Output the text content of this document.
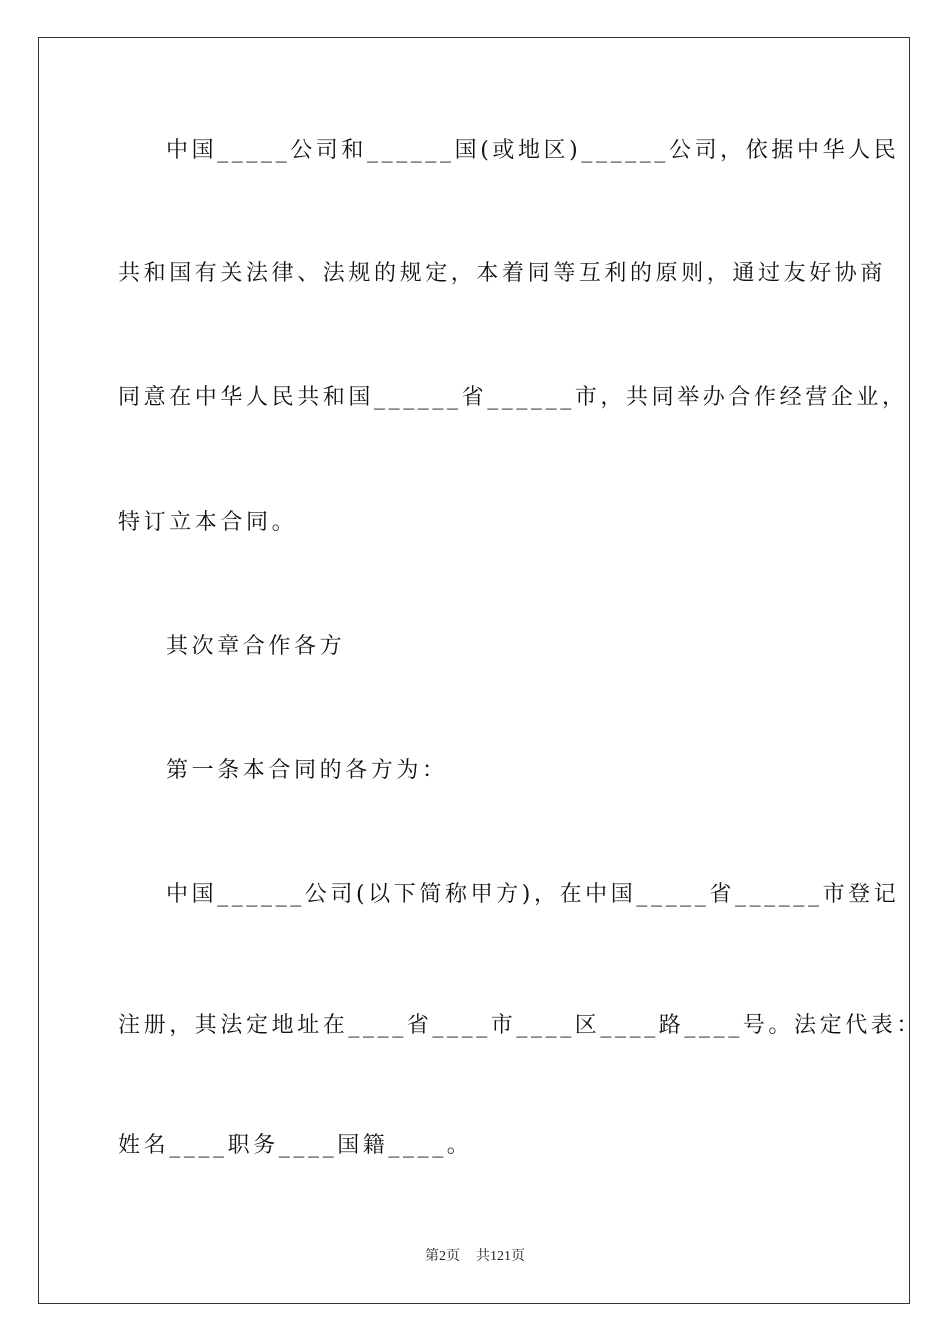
中国_____公司和______国(或地区)______公司，依据中华人民
共和国有关法律、法规的规定，本着同等互利的原则，通过友好协商
同意在中华人民共和国______省______市，共同举办合作经营企业，
特订立本合同。
其次章合作各方
第一条本合同的各方为：
中国______公司(以下简称甲方)，在中国_____省______市登记
注册，其法定地址在____省____市____区____路____号。法定代表：
姓名____职务____国籍____。
第2页 共121页
